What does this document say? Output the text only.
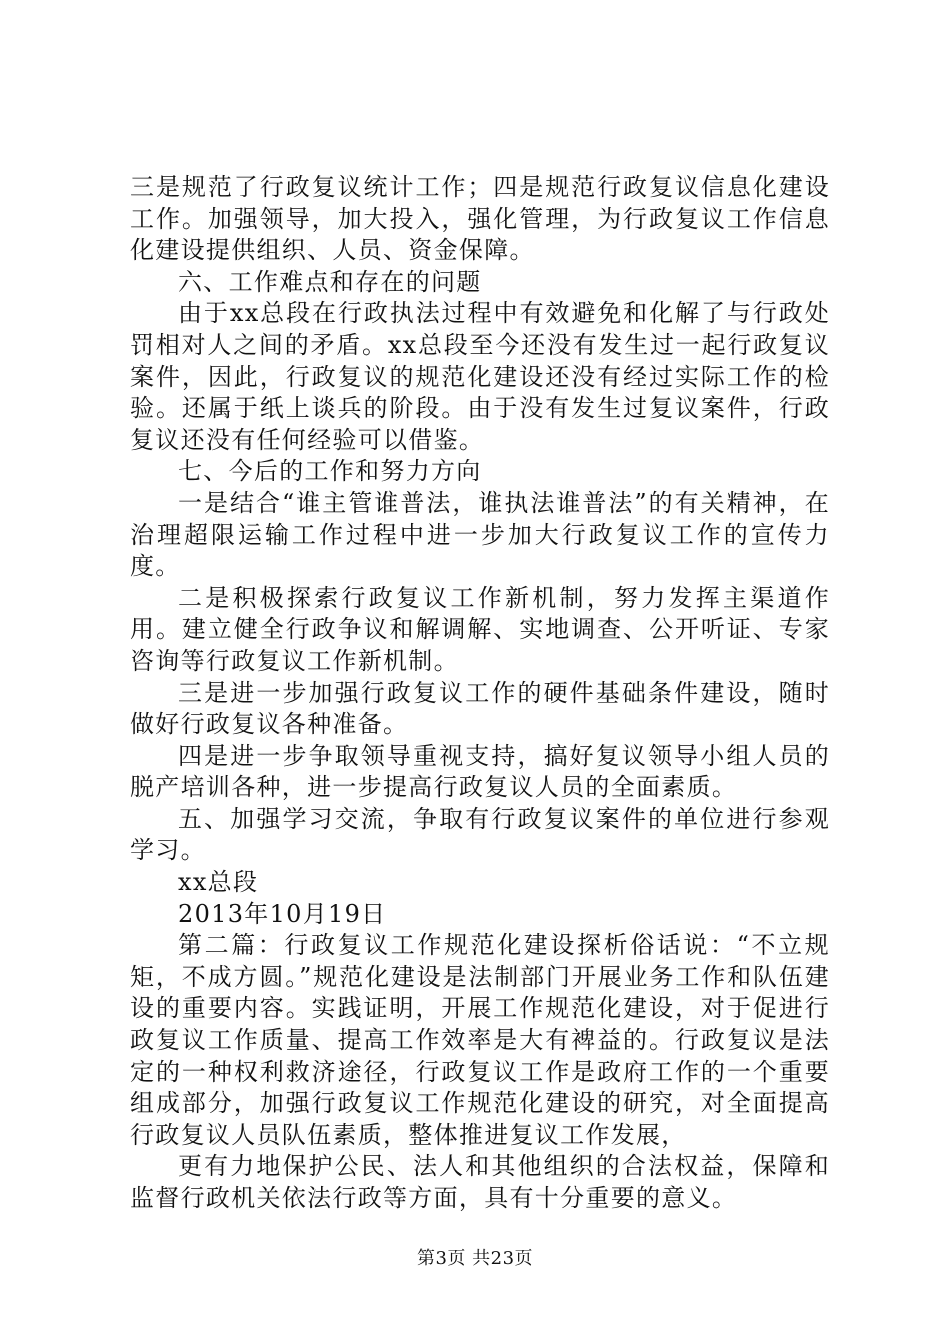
三是规范了行政复议统计工作；四是规范行政复议信息化建设工作。加强领导，加大投入，强化管理，为行政复议工作信息化建设提供组织、人员、资金保障。

六、工作难点和存在的问题

由于xx总段在行政执法过程中有效避免和化解了与行政处罚相对人之间的矛盾。xx总段至今还没有发生过一起行政复议案件，因此，行政复议的规范化建设还没有经过实际工作的检验。还属于纸上谈兵的阶段。由于没有发生过复议案件，行政复议还没有任何经验可以借鉴。

七、今后的工作和努力方向

一是结合“谁主管谁普法，谁执法谁普法”的有关精神，在治理超限运输工作过程中进一步加大行政复议工作的宣传力度。

二是积极探索行政复议工作新机制，努力发挥主渠道作用。建立健全行政争议和解调解、实地调查、公开听证、专家咨询等行政复议工作新机制。

三是进一步加强行政复议工作的硬件基础条件建设，随时做好行政复议各种准备。

四是进一步争取领导重视支持，搞好复议领导小组人员的脱产培训各种，进一步提高行政复议人员的全面素质。

五、加强学习交流，争取有行政复议案件的单位进行参观学习。

xx总段

2013年10月19日

第二篇：行政复议工作规范化建设探析俗话说：“不立规矩，不成方圆。”规范化建设是法制部门开展业务工作和队伍建设的重要内容。实践证明，开展工作规范化建设，对于促进行政复议工作质量、提高工作效率是大有裨益的。行政复议是法定的一种权利救济途径，行政复议工作是政府工作的一个重要组成部分，加强行政复议工作规范化建设的研究，对全面提高行政复议人员队伍素质，整体推进复议工作发展，

更有力地保护公民、法人和其他组织的合法权益，保障和监督行政机关依法行政等方面，具有十分重要的意义。

第3页 共23页
